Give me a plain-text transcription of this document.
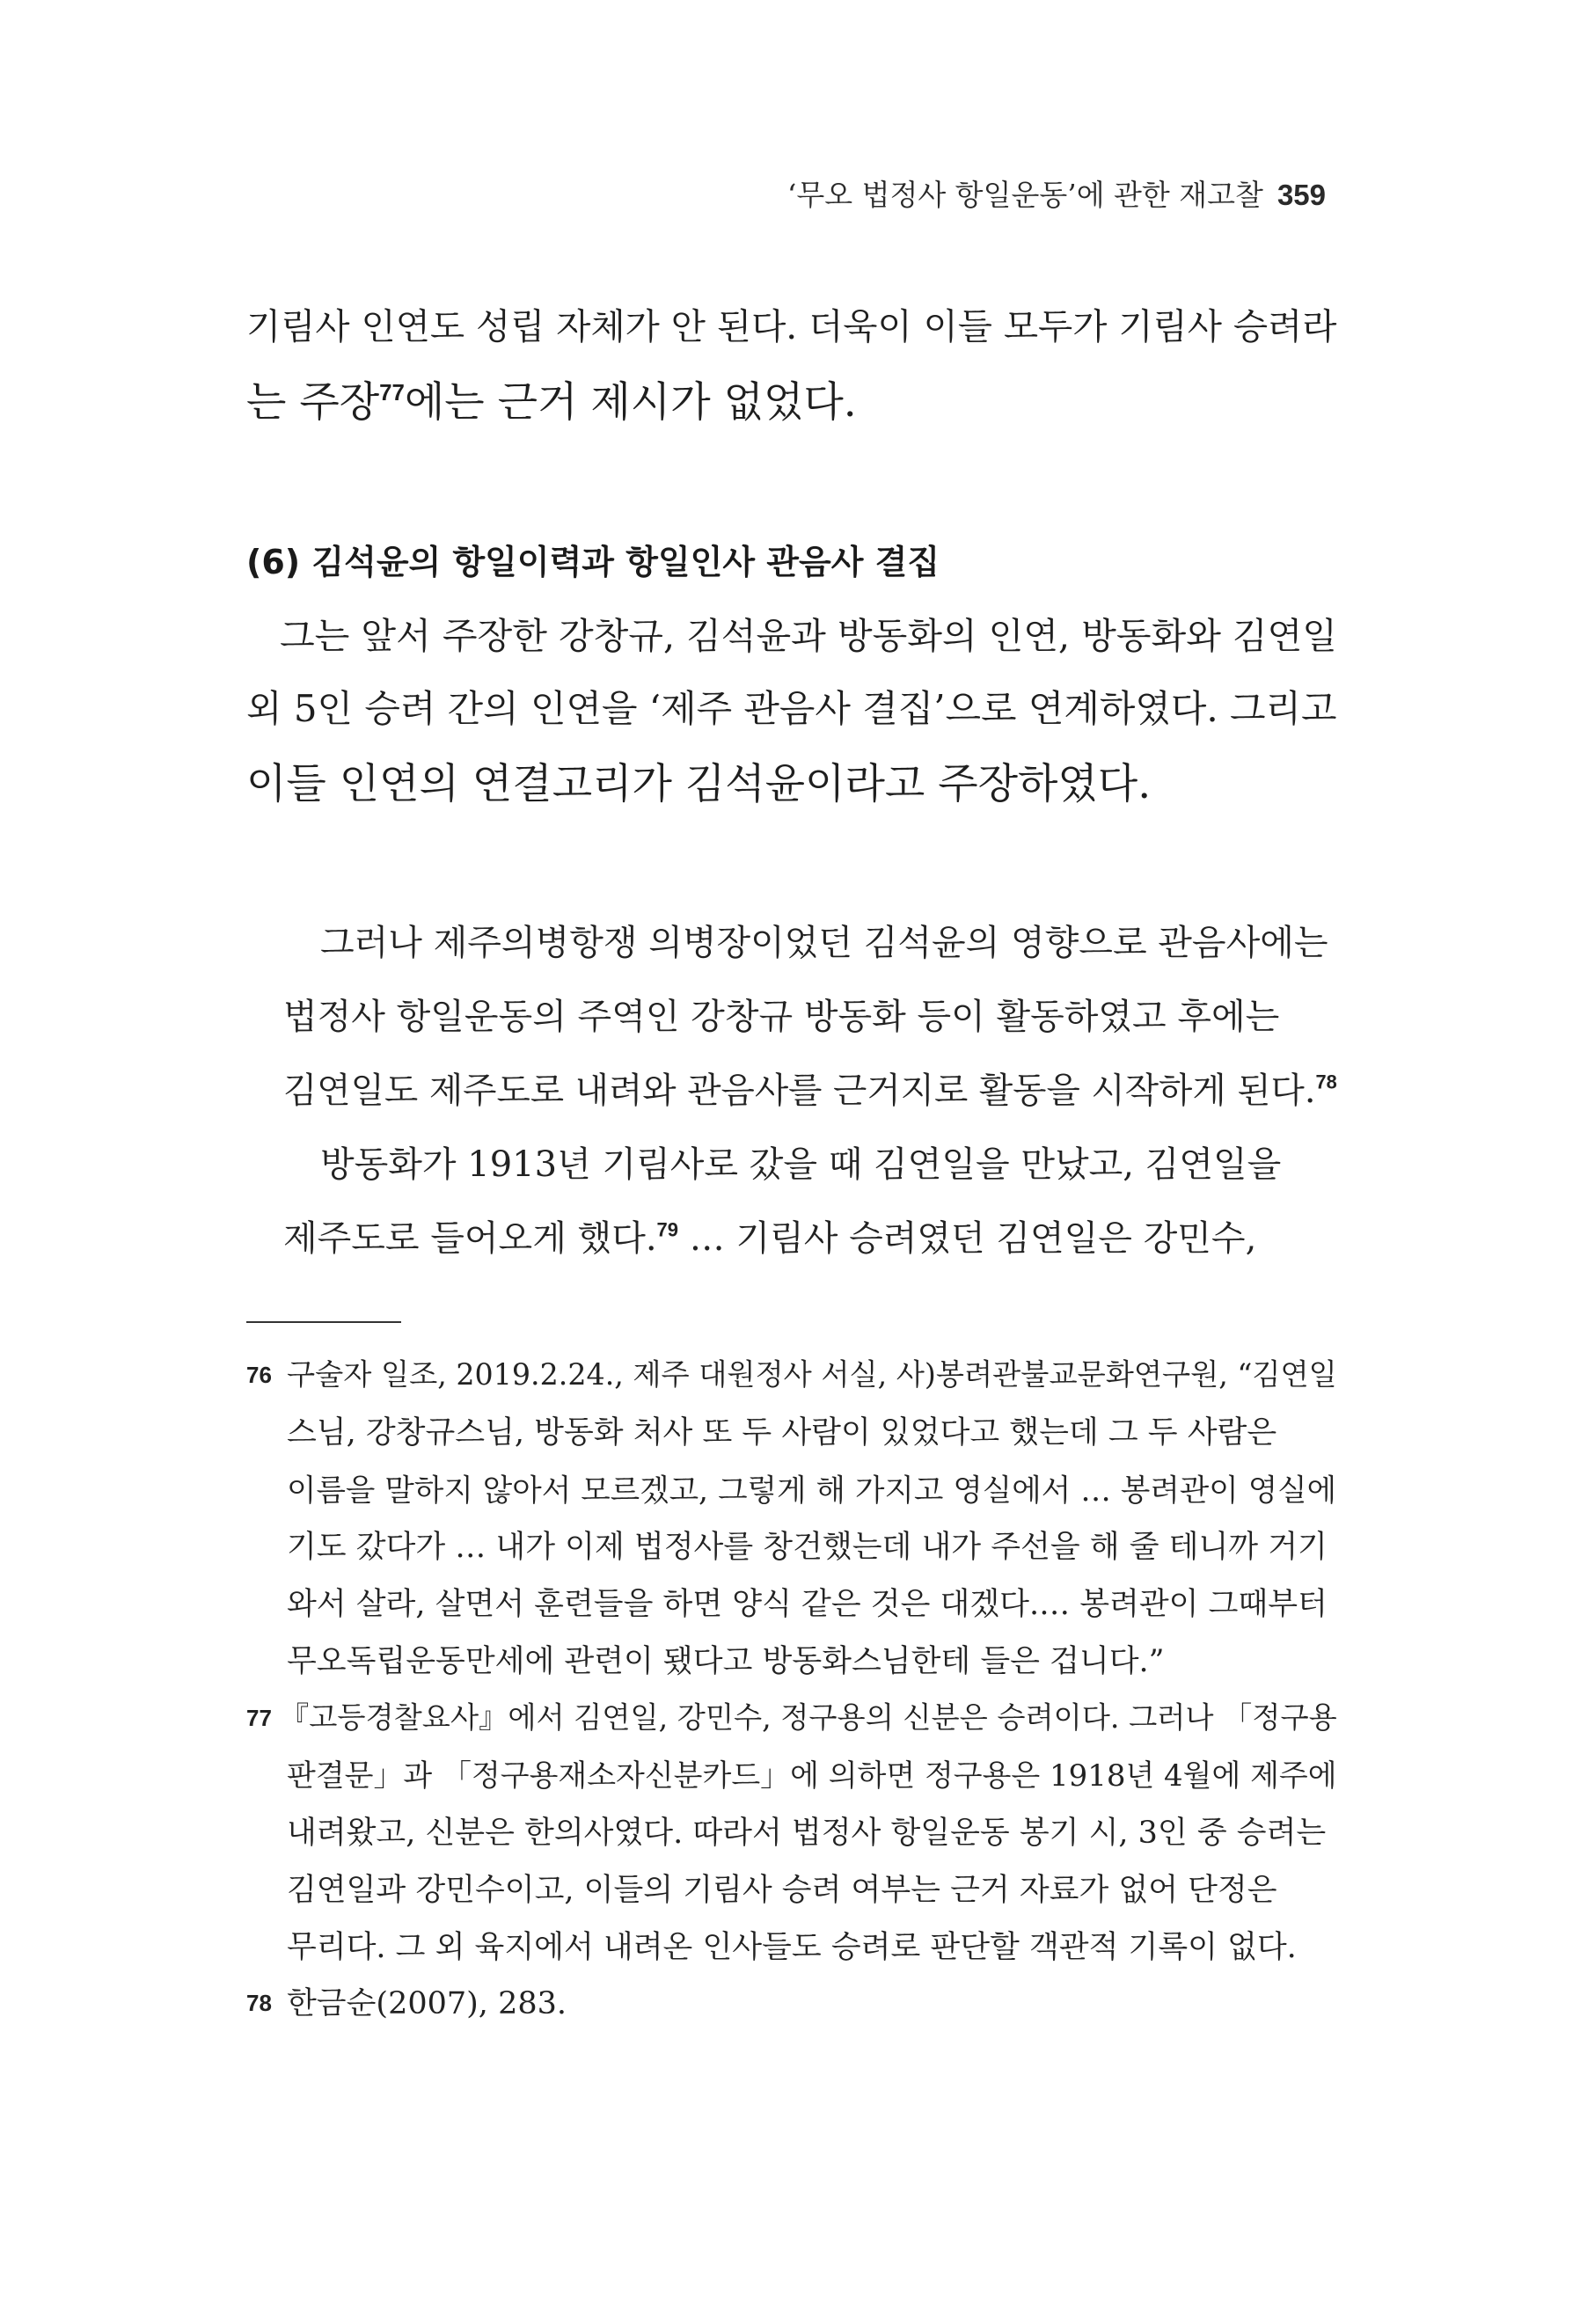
‘무오 법정사 항일운동’에 관한 재고찰 359
기림사 인연도 성립 자체가 안 된다. 더욱이 이들 모두가 기림사 승려라
는 주장$^{77}$에는 근거 제시가 없었다.
(6) 김석윤의 항일이력과 항일인사 관음사 결집
그는 앞서 주장한 강창규, 김석윤과 방동화의 인연, 방동화와 김연일
외 5인 승려 간의 인연을 ‘제주 관음사 결집’으로 연계하였다. 그리고
이들 인연의 연결고리가 김석윤이라고 주장하였다.
그러나 제주의병항쟁 의병장이었던 김석윤의 영향으로 관음사에는
법정사 항일운동의 주역인 강창규 방동화 등이 활동하였고 후에는
김연일도 제주도로 내려와 관음사를 근거지로 활동을 시작하게 된다.$^{78}$
방동화가 1913년 기림사로 갔을 때 김연일을 만났고, 김연일을
제주도로 들어오게 했다.$^{79}$ … 기림사 승려였던 김연일은 강민수,
76 구술자 일조, 2019.2.24., 제주 대원정사 서실, 사)봉려관불교문화연구원, “김연일
스님, 강창규스님, 방동화 처사 또 두 사람이 있었다고 했는데 그 두 사람은
이름을 말하지 않아서 모르겠고, 그렇게 해 가지고 영실에서 … 봉려관이 영실에
기도 갔다가 … 내가 이제 법정사를 창건했는데 내가 주선을 해 줄 테니까 거기
와서 살라, 살면서 훈련들을 하면 양식 같은 것은 대겠다.… 봉려관이 그때부터
무오독립운동만세에 관련이 됐다고 방동화스님한테 들은 겁니다.”
77 『고등경찰요사』에서 김연일, 강민수, 정구용의 신분은 승려이다. 그러나 「정구용
판결문」과 「정구용재소자신분카드」에 의하면 정구용은 1918년 4월에 제주에
내려왔고, 신분은 한의사였다. 따라서 법정사 항일운동 봉기 시, 3인 중 승려는
김연일과 강민수이고, 이들의 기림사 승려 여부는 근거 자료가 없어 단정은
무리다. 그 외 육지에서 내려온 인사들도 승려로 판단할 객관적 기록이 없다.
78 한금순(2007), 283.
